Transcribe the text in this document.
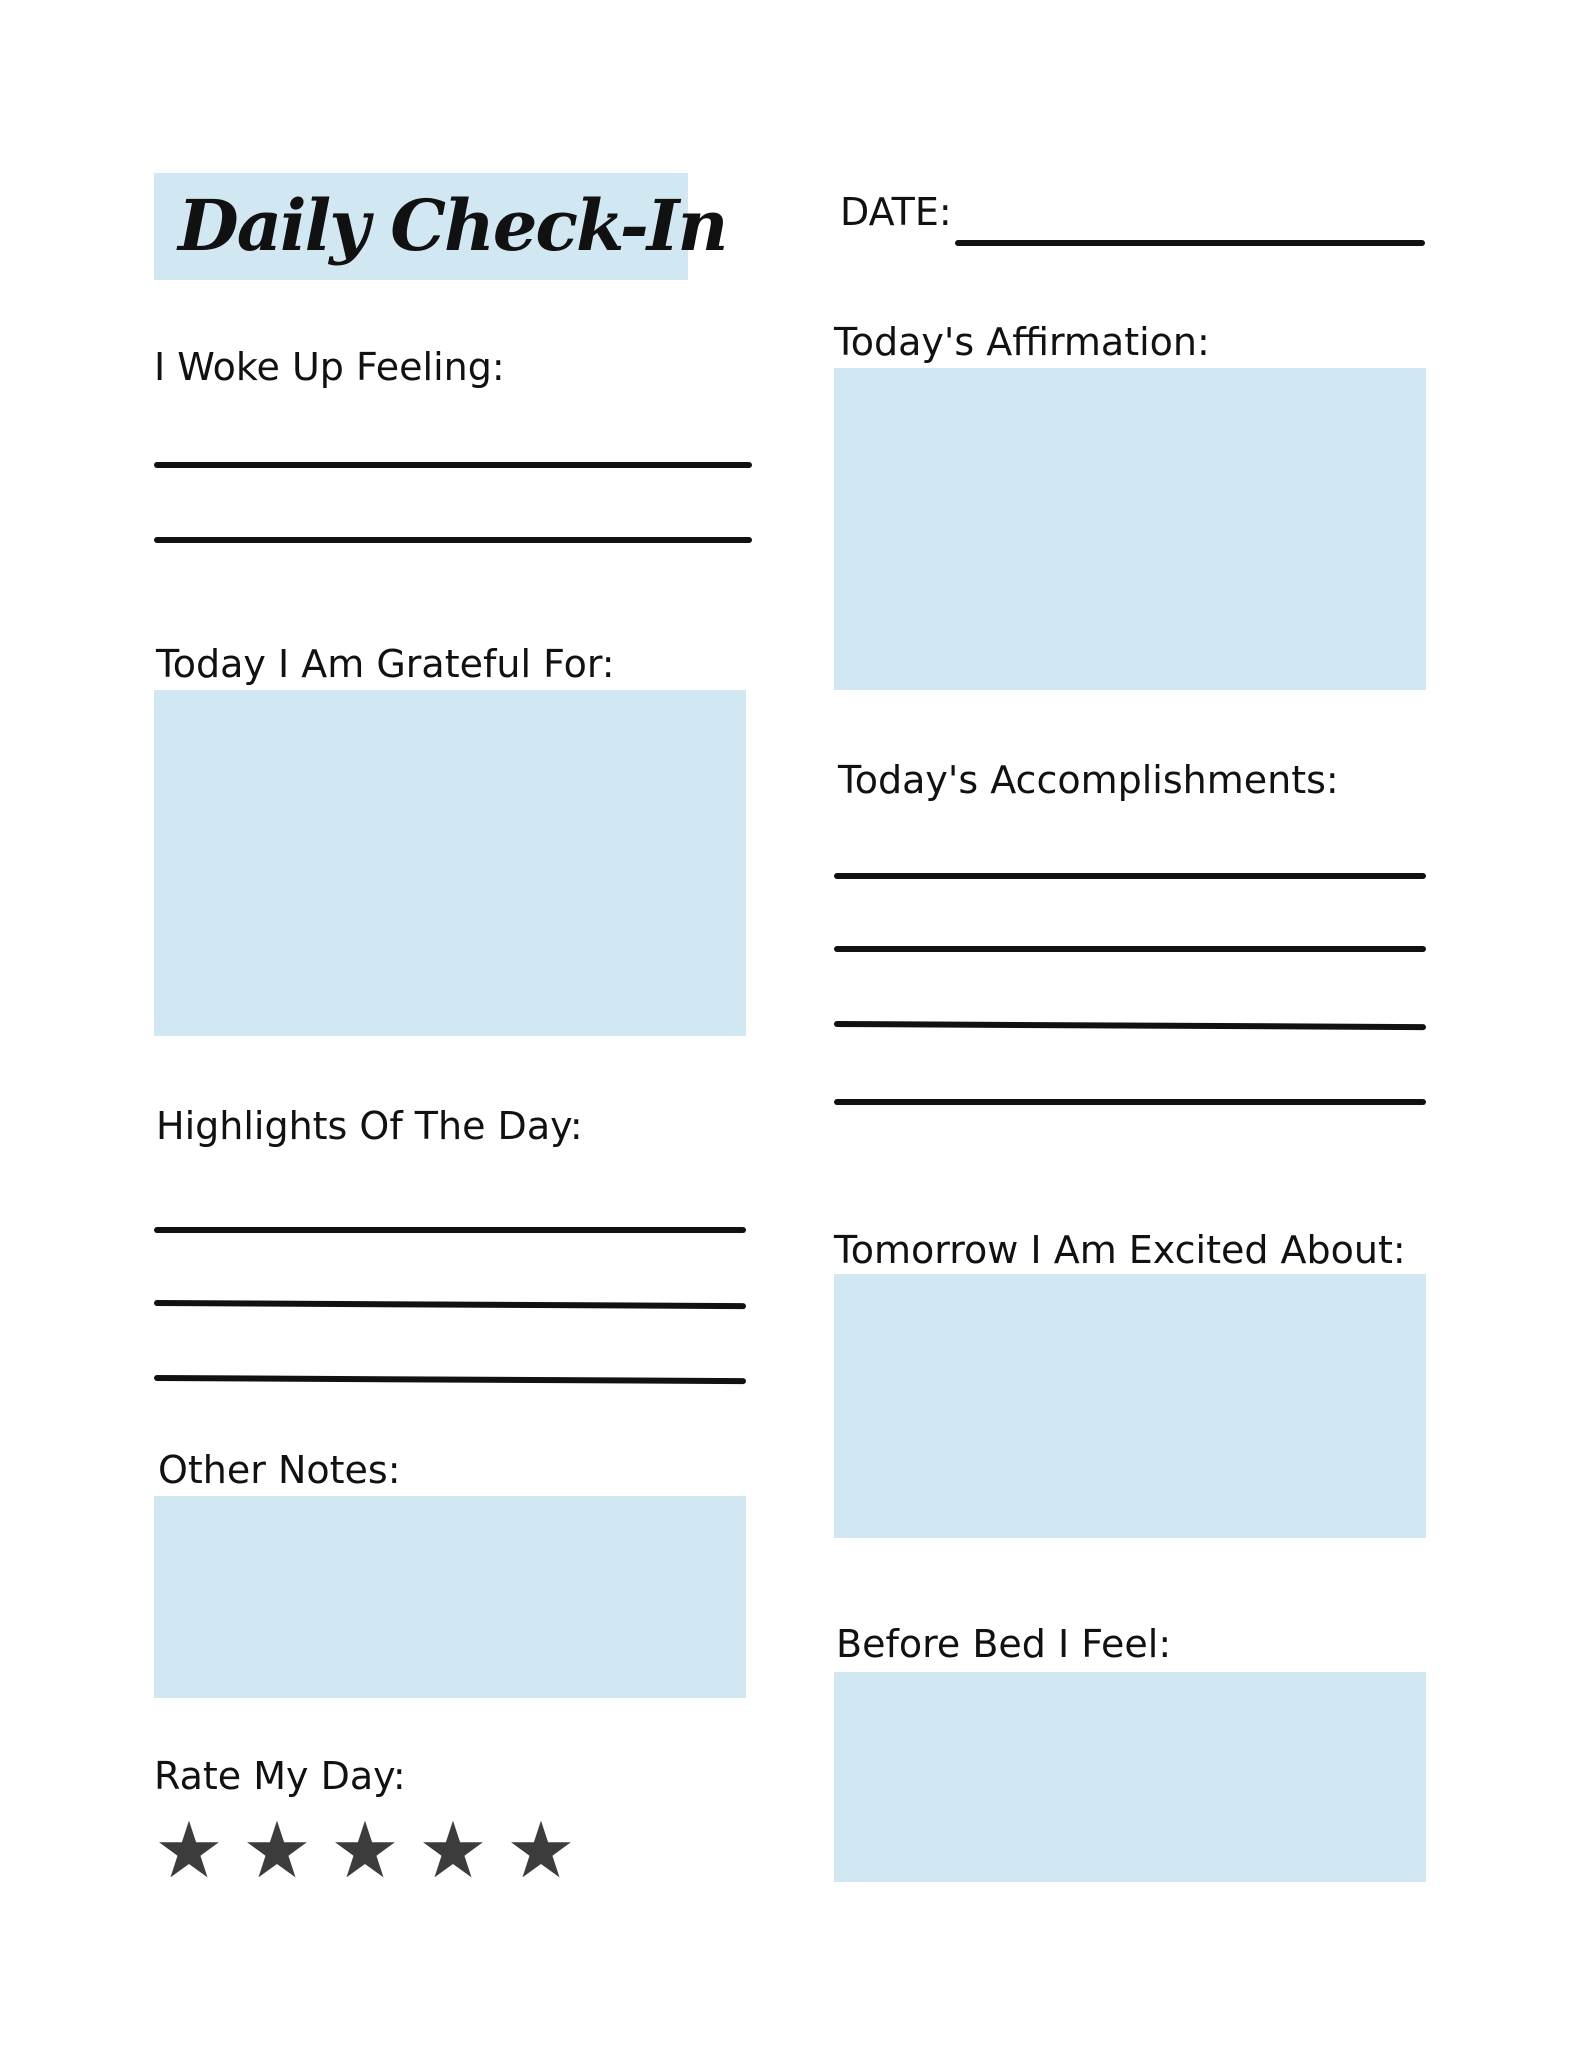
Daily Check-In	DATE:
I Woke Up Feeling:
Today I Am Grateful For:
Highlights Of The Day:
Other Notes:
Rate My Day:
★ ★ ★ ★ ★
Today's Affirmation:
Today's Accomplishments:
Tomorrow I Am Excited About:
Before Bed I Feel:
